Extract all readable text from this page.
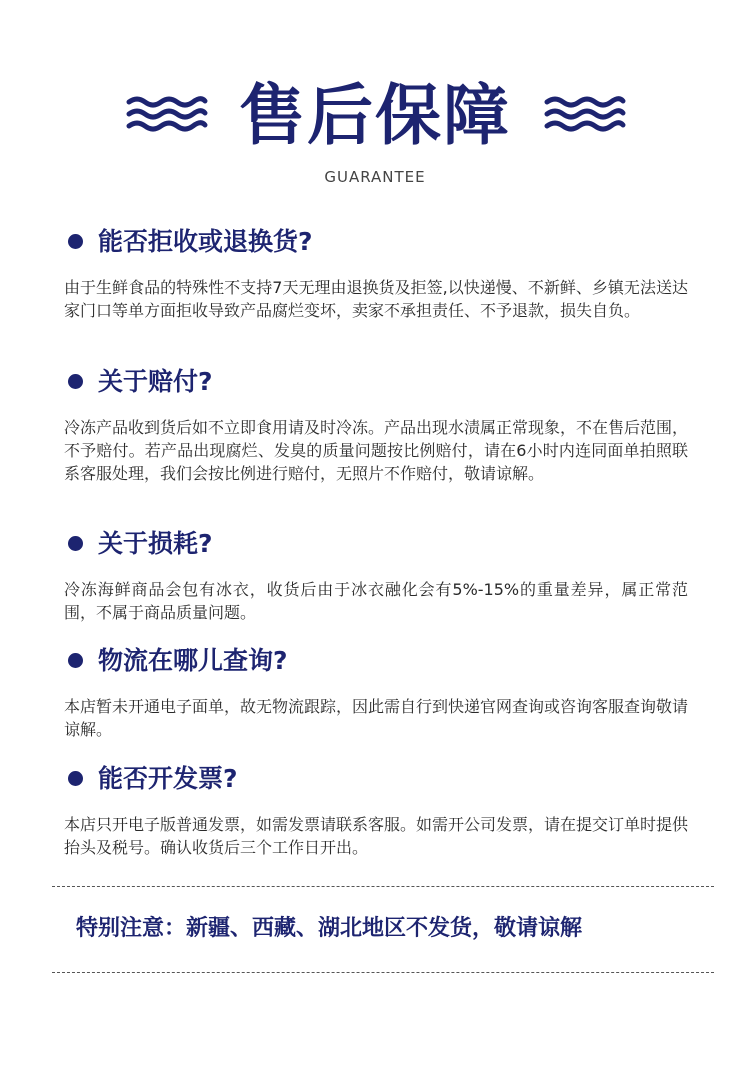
售后保障
GUARANTEE
能否拒收或退换货?
由于生鲜食品的特殊性不支持7天无理由退换货及拒签,以快递慢、不新鲜、乡镇无法送达家门口等单方面拒收导致产品腐烂变坏，卖家不承担责任、不予退款，损失自负。
关于赔付?
冷冻产品收到货后如不立即食用请及时冷冻。产品出现水渍属正常现象，不在售后范围，不予赔付。若产品出现腐烂、发臭的质量问题按比例赔付，请在6小时内连同面单拍照联系客服处理，我们会按比例进行赔付，无照片不作赔付，敬请谅解。
关于损耗?
冷冻海鲜商品会包有冰衣，收货后由于冰衣融化会有5%-15%的重量差异，属正常范围，不属于商品质量问题。
物流在哪儿查询?
本店暂未开通电子面单，故无物流跟踪，因此需自行到快递官网查询或咨询客服查询敬请谅解。
能否开发票?
本店只开电子版普通发票，如需发票请联系客服。如需开公司发票，请在提交订单时提供抬头及税号。确认收货后三个工作日开出。
特别注意：新疆、西藏、湖北地区不发货，敬请谅解
